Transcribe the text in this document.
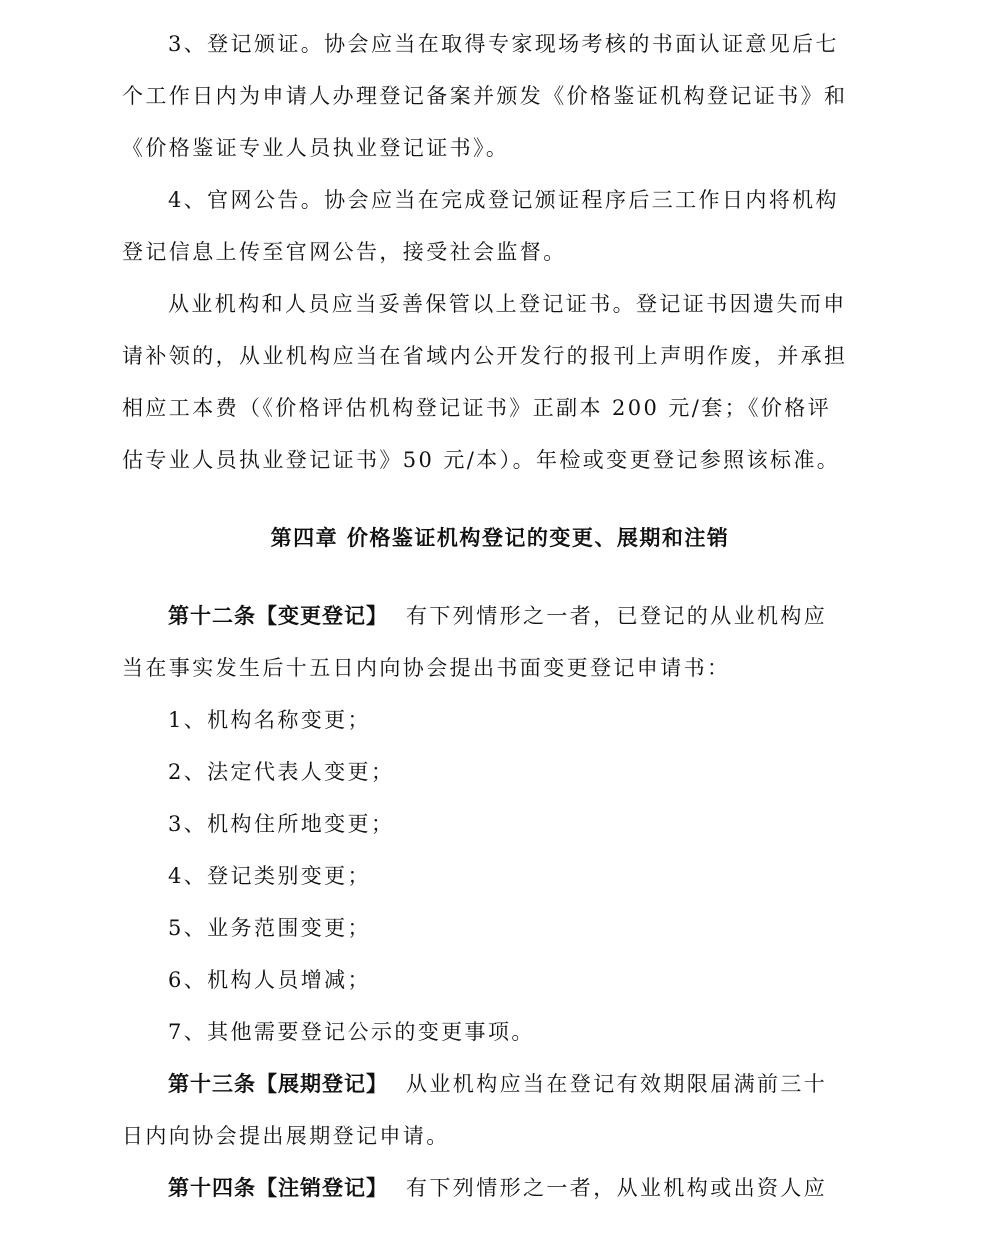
3、登记颁证。协会应当在取得专家现场考核的书面认证意见后七
个工作日内为申请人办理登记备案并颁发《价格鉴证机构登记证书》和
《价格鉴证专业人员执业登记证书》。
4、官网公告。协会应当在完成登记颁证程序后三工作日内将机构
登记信息上传至官网公告，接受社会监督。
从业机构和人员应当妥善保管以上登记证书。登记证书因遗失而申
请补领的，从业机构应当在省域内公开发行的报刊上声明作废，并承担
相应工本费（《价格评估机构登记证书》正副本 200 元/套；《价格评
估专业人员执业登记证书》50 元/本）。年检或变更登记参照该标准。
第四章 价格鉴证机构登记的变更、展期和注销
第十二条【变更登记】 有下列情形之一者，已登记的从业机构应
当在事实发生后十五日内向协会提出书面变更登记申请书：
1、机构名称变更；
2、法定代表人变更；
3、机构住所地变更；
4、登记类别变更；
5、业务范围变更；
6、机构人员增减；
7、其他需要登记公示的变更事项。
第十三条【展期登记】 从业机构应当在登记有效期限届满前三十
日内向协会提出展期登记申请。
第十四条【注销登记】 有下列情形之一者，从业机构或出资人应
